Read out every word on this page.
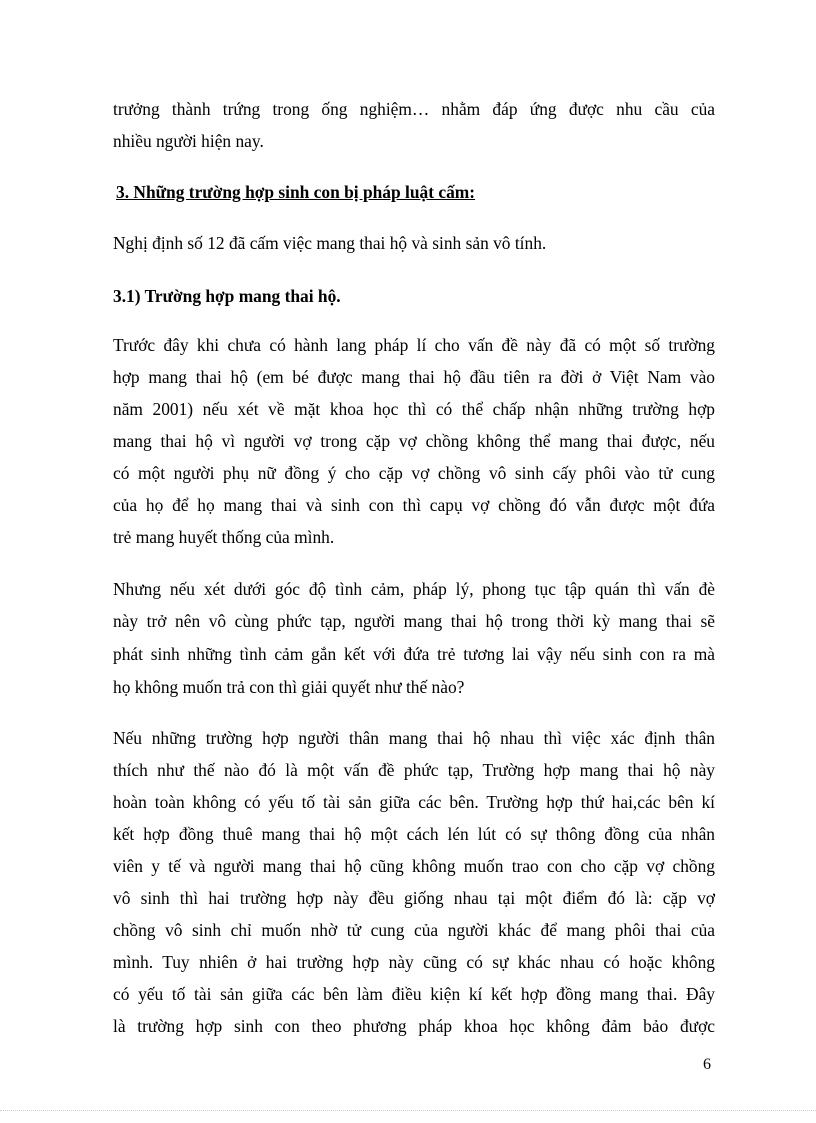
trưởng thành trứng trong ống nghiệm… nhằm đáp ứng được nhu cầu của
nhiều người hiện nay.
3. Những trường hợp sinh con bị pháp luật cấm:
Nghị định số 12 đã cấm việc mang thai hộ và sinh sản vô tính.
3.1) Trường hợp mang thai hộ.
Trước đây khi chưa có hành lang pháp lí cho vấn đề này đã có một số trường
hợp mang thai hộ (em bé được mang thai hộ đầu tiên ra đời ở Việt Nam vào
năm 2001) nếu xét về mặt khoa học thì có thể chấp nhận những trường hợp
mang thai hộ vì người vợ trong cặp vợ chồng không thể mang thai được, nếu
có một người phụ nữ đồng ý cho cặp vợ chồng vô sinh cấy phôi vào tử cung
của họ để họ mang thai và sinh con thì capụ vợ chồng đó vẫn được một đứa
trẻ mang huyết thống của mình.
Nhưng nếu xét dưới góc độ tình cảm, pháp lý, phong tục tập quán thì vấn đè
này trở nên vô cùng phức tạp, người mang thai hộ trong thời kỳ mang thai sẽ
phát sinh những tình cảm gắn kết với đứa trẻ tương lai vậy nếu sinh con ra mà
họ không muốn trả con thì giải quyết như thế nào?
Nếu những trường hợp người thân mang thai hộ nhau thì việc xác định thân
thích như thế nào đó là một vấn đề phức tạp, Trường hợp mang thai hộ này
hoàn toàn không có yếu tố tài sản giữa các bên. Trường hợp thứ hai,các bên kí
kết hợp đồng thuê mang thai hộ một cách lén lút có sự thông đồng của nhân
viên y tế và người mang thai hộ cũng không muốn trao con cho cặp vợ chồng
vô sinh thì hai trường hợp này đều giống nhau tại một điểm đó là: cặp vợ
chồng vô sinh chỉ muốn nhờ tử cung của người khác để mang phôi thai của
mình. Tuy nhiên ở hai trường hợp này cũng có sự khác nhau có hoặc không
có yếu tố tài sản giữa các bên làm điều kiện kí kết hợp đồng mang thai. Đây
là trường hợp sinh con theo phương pháp khoa học không đảm bảo được
6
